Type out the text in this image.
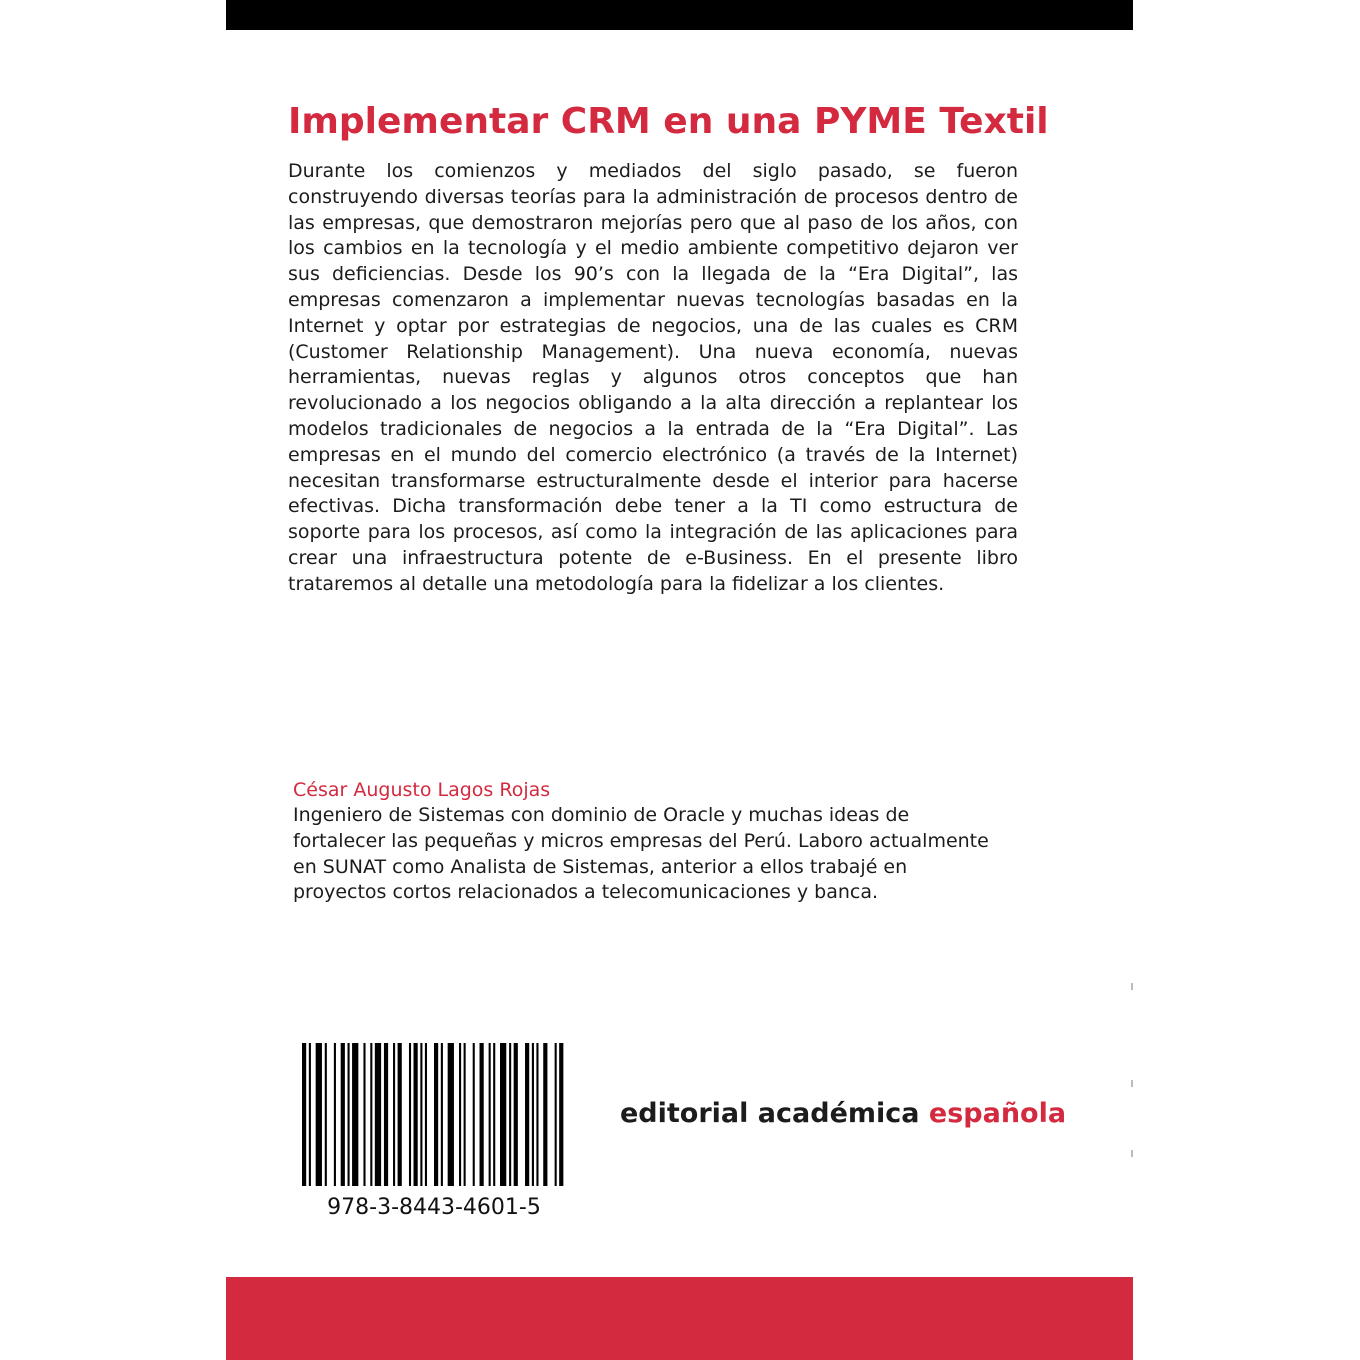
Implementar CRM en una PYME Textil

Durante los comienzos y mediados del siglo pasado, se fueron construyendo diversas teorías para la administración de procesos dentro de las empresas, que demostraron mejorías pero que al paso de los años, con los cambios en la tecnología y el medio ambiente competitivo dejaron ver sus deficiencias. Desde los 90’s con la llegada de la “Era Digital”, las empresas comenzaron a implementar nuevas tecnologías basadas en la Internet y optar por estrategias de negocios, una de las cuales es CRM (Customer Relationship Management). Una nueva economía, nuevas herramientas, nuevas reglas y algunos otros conceptos que han revolucionado a los negocios obligando a la alta dirección a replantear los modelos tradicionales de negocios a la entrada de la “Era Digital”. Las empresas en el mundo del comercio electrónico (a través de la Internet) necesitan transformarse estructuralmente desde el interior para hacerse efectivas. Dicha transformación debe tener a la TI como estructura de soporte para los procesos, así como la integración de las aplicaciones para crear una infraestructura potente de e-Business. En el presente libro trataremos al detalle una metodología para la fidelizar a los clientes.

César Augusto Lagos Rojas

Ingeniero de Sistemas con dominio de Oracle y muchas ideas de fortalecer las pequeñas y micros empresas del Perú. Laboro actualmente en SUNAT como Analista de Sistemas, anterior a ellos trabajé en proyectos cortos relacionados a telecomunicaciones y banca.

978-3-8443-4601-5

editorial académica española
